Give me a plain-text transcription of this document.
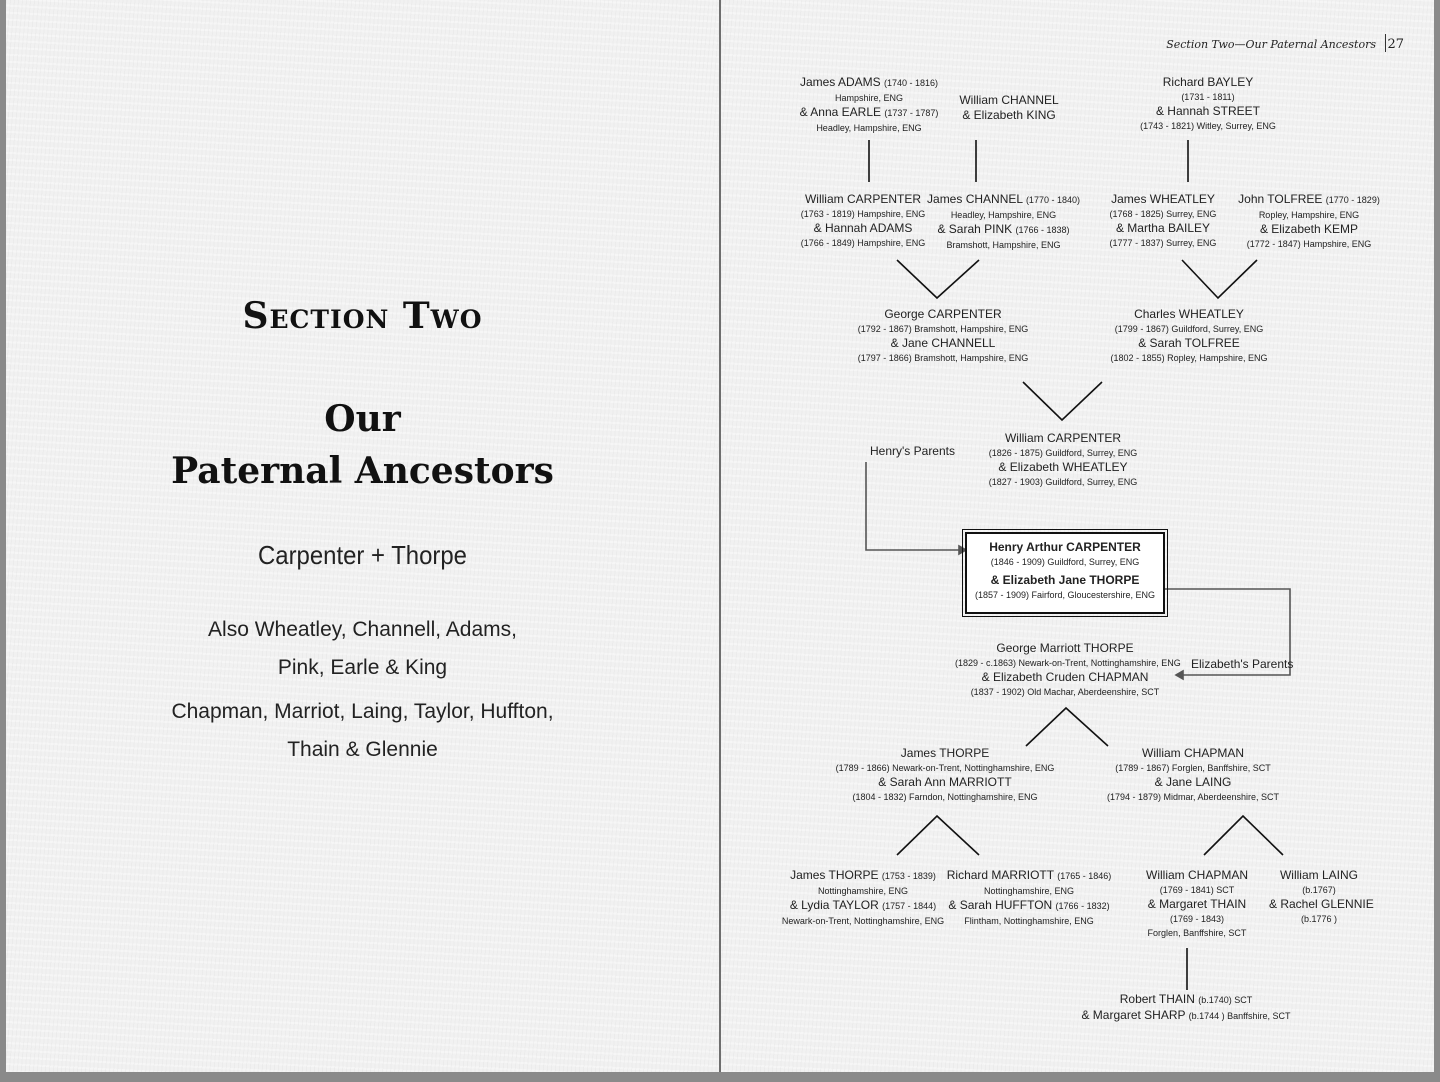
Section Two
Our
Paternal Ancestors
Carpenter + Thorpe
Also Wheatley, Channell, Adams,
Pink, Earle & King
Chapman, Marriot, Laing, Taylor, Huffton,
Thain & Glennie
Section Two—Our Paternal Ancestors 27
Henry's Parents
Elizabeth's Parents
James ADAMS (1740 - 1816)
Hampshire, ENG
& Anna EARLE (1737 - 1787)
Headley, Hampshire, ENG
William CHANNEL
& Elizabeth KING
Richard BAYLEY
(1731 - 1811)
& Hannah STREET
(1743 - 1821) Witley, Surrey, ENG
William CARPENTER
(1763 - 1819) Hampshire, ENG
& Hannah ADAMS
(1766 - 1849) Hampshire, ENG
James CHANNEL (1770 - 1840)
Headley, Hampshire, ENG
& Sarah PINK (1766 - 1838)
Bramshott, Hampshire, ENG
James WHEATLEY
(1768 - 1825) Surrey, ENG
& Martha BAILEY
(1777 - 1837) Surrey, ENG
John TOLFREE (1770 - 1829)
Ropley, Hampshire, ENG
& Elizabeth KEMP
(1772 - 1847) Hampshire, ENG
George CARPENTER
(1792 - 1867) Bramshott, Hampshire, ENG
& Jane CHANNELL
(1797 - 1866) Bramshott, Hampshire, ENG
Charles WHEATLEY
(1799 - 1867) Guildford, Surrey, ENG
& Sarah TOLFREE
(1802 - 1855) Ropley, Hampshire, ENG
William CARPENTER
(1826 - 1875) Guildford, Surrey, ENG
& Elizabeth WHEATLEY
(1827 - 1903) Guildford, Surrey, ENG
Henry Arthur CARPENTER
(1846 - 1909) Guildford, Surrey, ENG
& Elizabeth Jane THORPE
(1857 - 1909) Fairford, Gloucestershire, ENG
George Marriott THORPE
(1829 - c.1863) Newark-on-Trent, Nottinghamshire, ENG
& Elizabeth Cruden CHAPMAN
(1837 - 1902) Old Machar, Aberdeenshire, SCT
James THORPE
(1789 - 1866) Newark-on-Trent, Nottinghamshire, ENG
& Sarah Ann MARRIOTT
(1804 - 1832) Farndon, Nottinghamshire, ENG
William CHAPMAN
(1789 - 1867) Forglen, Banffshire, SCT
& Jane LAING
(1794 - 1879) Midmar, Aberdeenshire, SCT
James THORPE (1753 - 1839)
Nottinghamshire, ENG
& Lydia TAYLOR (1757 - 1844)
Newark-on-Trent, Nottinghamshire, ENG
Richard MARRIOTT (1765 - 1846)
Nottinghamshire, ENG
& Sarah HUFFTON (1766 - 1832)
Flintham, Nottinghamshire, ENG
William CHAPMAN
(1769 - 1841) SCT
& Margaret THAIN
(1769 - 1843)
Forglen, Banffshire, SCT
William LAING
(b.1767)
& Rachel GLENNIE
(b.1776 )
Robert THAIN (b.1740) SCT
& Margaret SHARP (b.1744 ) Banffshire, SCT
